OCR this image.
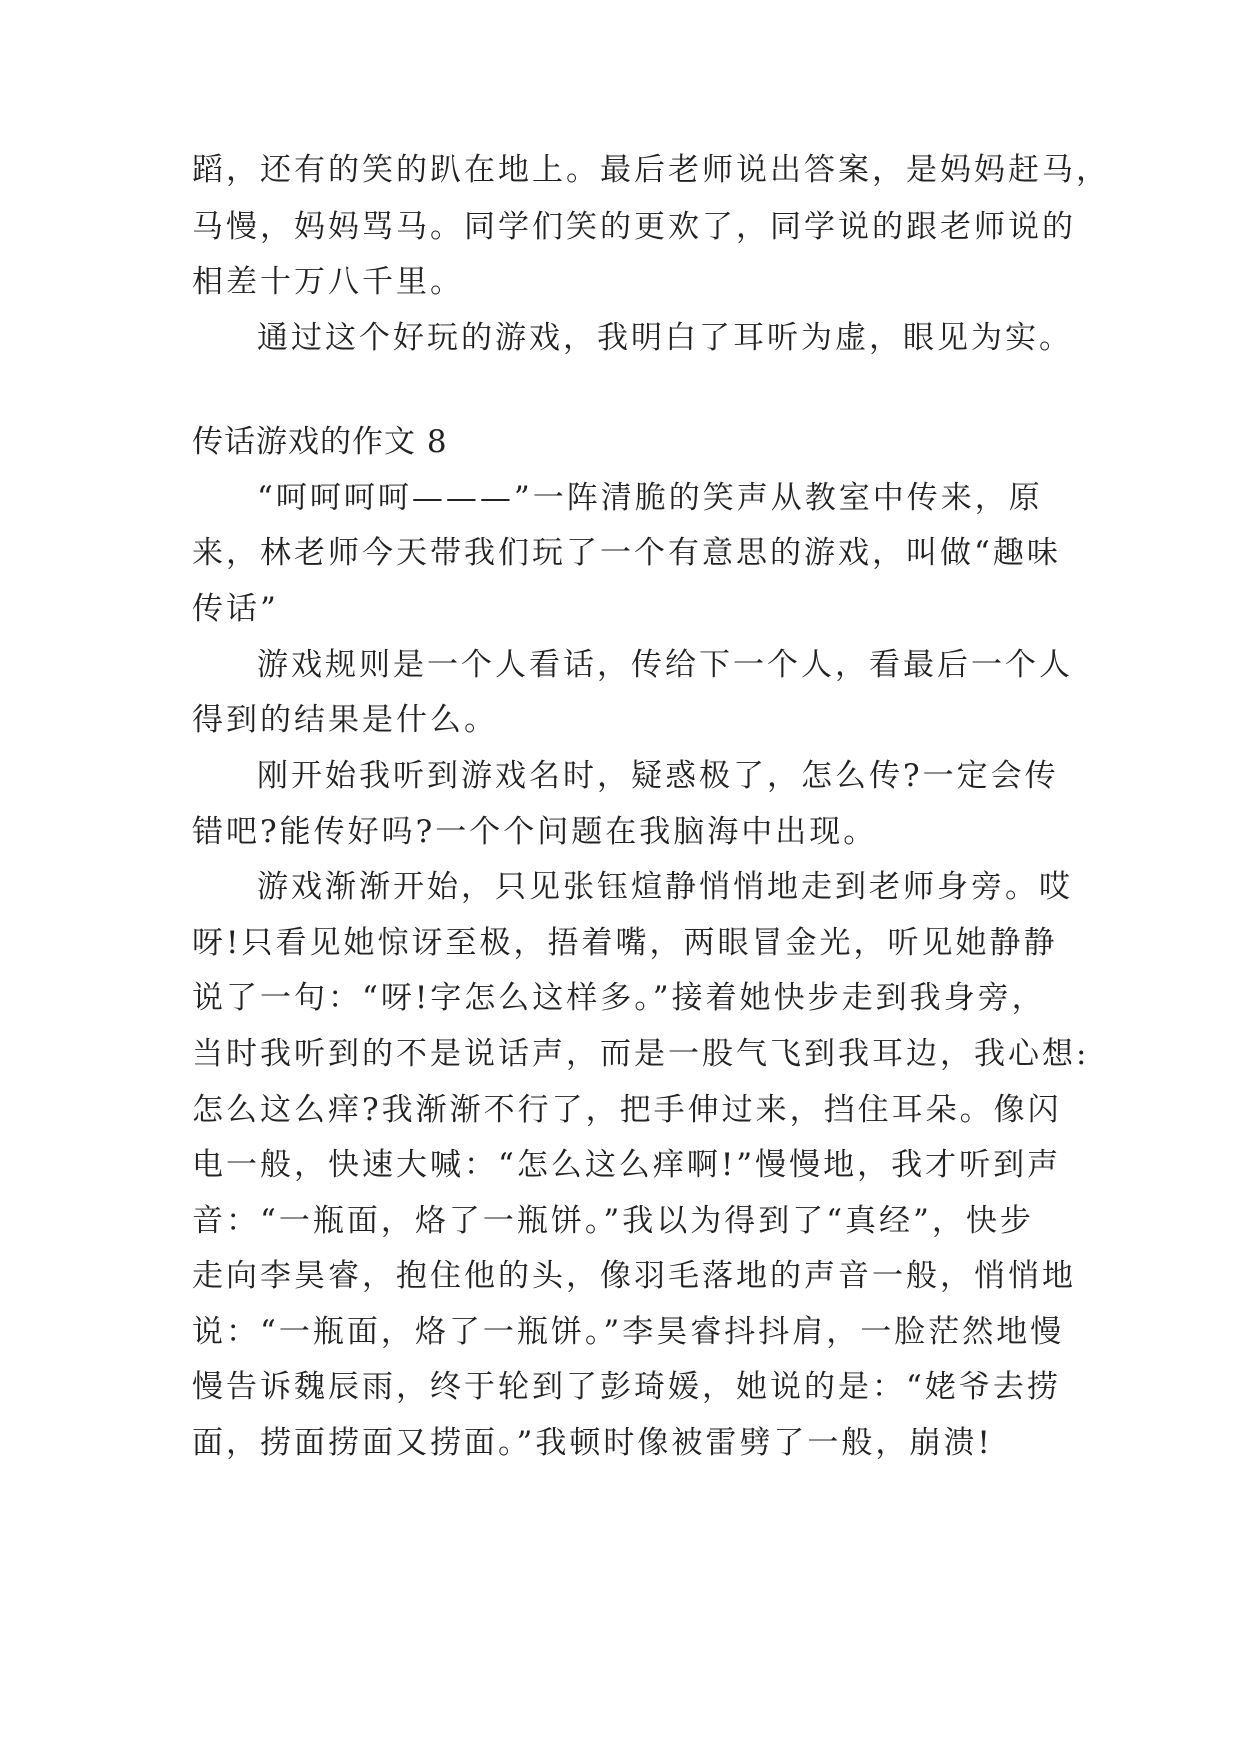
蹈，还有的笑的趴在地上。最后老师说出答案，是妈妈赶马，
马慢，妈妈骂马。同学们笑的更欢了，同学说的跟老师说的
相差十万八千里。
通过这个好玩的游戏，我明白了耳听为虚，眼见为实。
传话游戏的作文 8
“呵呵呵呵———”一阵清脆的笑声从教室中传来，原
来，林老师今天带我们玩了一个有意思的游戏，叫做“趣味
传话”
游戏规则是一个人看话，传给下一个人，看最后一个人
得到的结果是什么。
刚开始我听到游戏名时，疑惑极了，怎么传?一定会传
错吧?能传好吗?一个个问题在我脑海中出现。
游戏渐渐开始，只见张钰煊静悄悄地走到老师身旁。哎
呀!只看见她惊讶至极，捂着嘴，两眼冒金光，听见她静静
说了一句：“呀!字怎么这样多。”接着她快步走到我身旁，
当时我听到的不是说话声，而是一股气飞到我耳边，我心想:
怎么这么痒?我渐渐不行了，把手伸过来，挡住耳朵。像闪
电一般，快速大喊：“怎么这么痒啊!”慢慢地，我才听到声
音：“一瓶面，烙了一瓶饼。”我以为得到了“真经”，快步
走向李昊睿，抱住他的头，像羽毛落地的声音一般，悄悄地
说：“一瓶面，烙了一瓶饼。”李昊睿抖抖肩，一脸茫然地慢
慢告诉魏辰雨，终于轮到了彭琦媛，她说的是：“姥爷去捞
面，捞面捞面又捞面。”我顿时像被雷劈了一般，崩溃!
